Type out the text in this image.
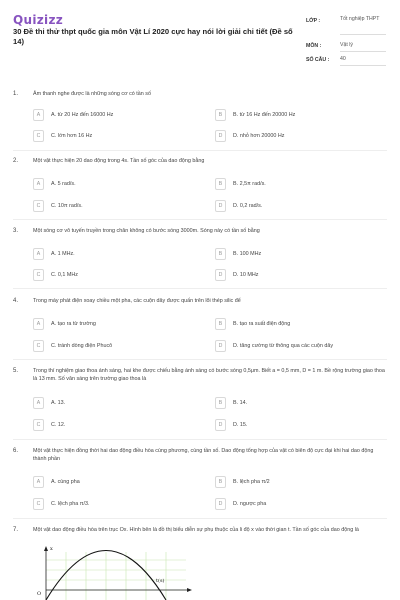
Quizizz
30 Đề thi thử thpt quốc gia môn Vật Lí 2020 cực hay nói lời giải chi tiết (Đề số 14)
LỚP :	Tốt nghiệp THPT
MÔN :	Vật lý
SỐ CÂU : 40
1.	Âm thanh nghe được là những sóng cơ có tần số
A	A. từ 20 Hz đến 16000 Hz	B	B. từ 16 Hz đến 20000 Hz
C	C. lớn hơn 16 Hz	D	D. nhỏ hơn 20000 Hz
2.	Một vật thực hiện 20 dao động trong 4s. Tần số góc của dao động bằng
A	A. 5 rad/s.	B	B. 2,5π rad/s.
C	C. 10π rad/s.	D	D. 0,2 rad/s.
3.	Một sóng cơ vô tuyến truyền trong chân không có bước sóng 3000m. Sóng này có tần số bằng
A	A. 1 MHz.	B	B. 100 MHz
C	C. 0,1 MHz	D	D. 10 MHz
4.	Trong máy phát điện xoay chiều một pha, các cuộn dây được quấn trên lõi thép silic để
A	A. tạo ra từ trường	B	B. tạo ra suất điện động
C	C. tránh dòng điện Phucô	D	D. tăng cường từ thông qua các cuộn dây
5.	Trong thí nghiệm giao thoa ánh sáng, hai khe được chiếu bằng ánh sáng có bước sóng 0,5μm. Biết a = 0,5 mm, D = 1 m. Bề rộng trường giao thoa là 13 mm. Số vân sáng trên trường giao thoa là
A	A. 13.	B	B. 14.
C	C. 12.	D	D. 15.
6.	Một vật thực hiện đồng thời hai dao động điều hòa cùng phương, cùng tần số. Dao động tổng hợp của vật có biên độ cực đại khi hai dao động thành phần
A	A. cùng pha	B	B. lệch pha π/2
C	C. lệch pha π/3.	D	D. ngược pha
7.	Một vật dao động điều hòa trên trục Ox. Hình bên là đồ thị biểu diễn sự phụ thuộc của li độ x vào thời gian t. Tần số góc của dao động là
x
t(s)
O
